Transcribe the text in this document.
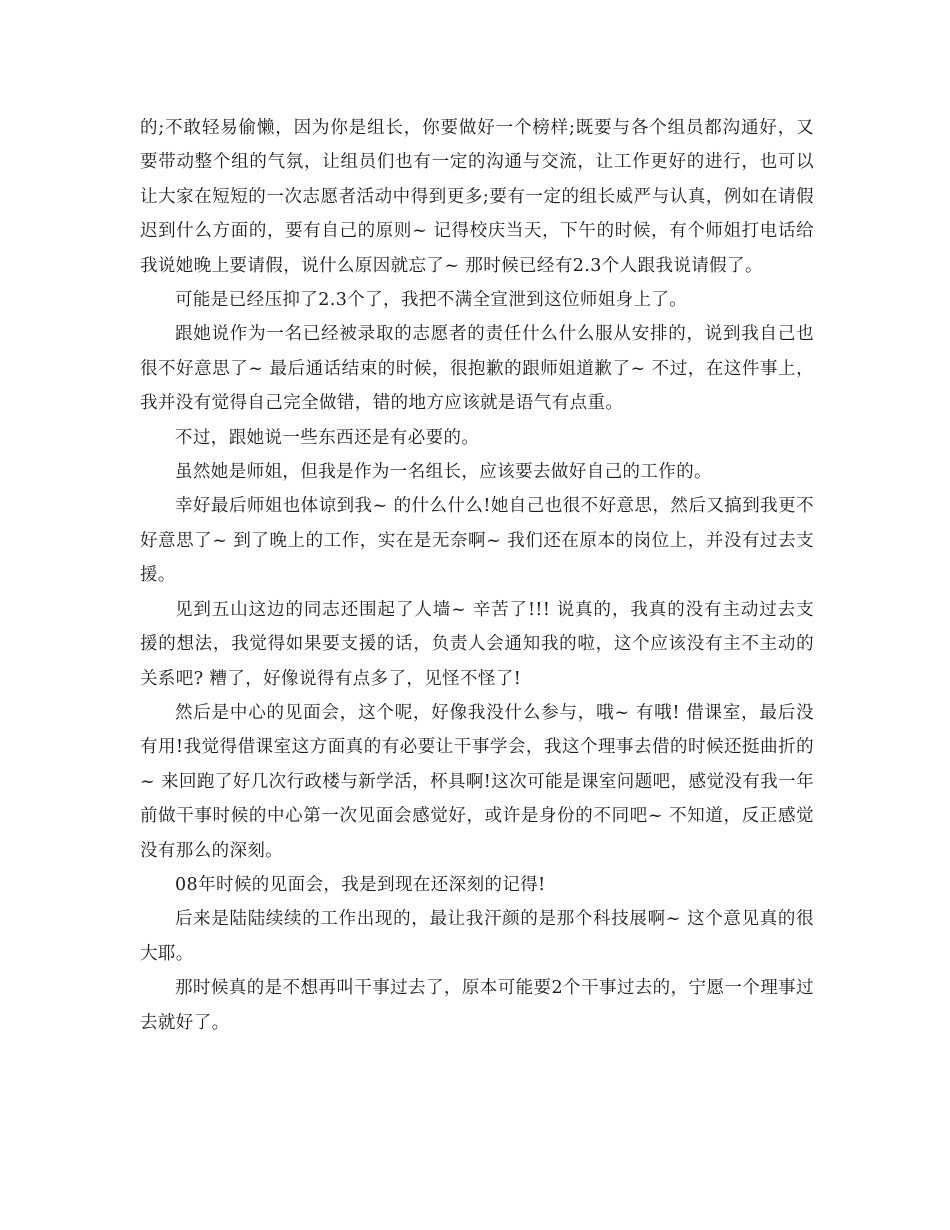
的;不敢轻易偷懒，因为你是组长，你要做好一个榜样;既要与各个组员都沟通好，又要带动整个组的气氛，让组员们也有一定的沟通与交流，让工作更好的进行，也可以让大家在短短的一次志愿者活动中得到更多;要有一定的组长威严与认真，例如在请假迟到什么方面的，要有自己的原则~ 记得校庆当天，下午的时候，有个师姐打电话给我说她晚上要请假，说什么原因就忘了~ 那时候已经有2.3个人跟我说请假了。

可能是已经压抑了2.3个了，我把不满全宣泄到这位师姐身上了。

跟她说作为一名已经被录取的志愿者的责任什么什么服从安排的，说到我自己也很不好意思了~ 最后通话结束的时候，很抱歉的跟师姐道歉了~ 不过，在这件事上，我并没有觉得自己完全做错，错的地方应该就是语气有点重。

不过，跟她说一些东西还是有必要的。

虽然她是师姐，但我是作为一名组长，应该要去做好自己的工作的。

幸好最后师姐也体谅到我~ 的什么什么!她自己也很不好意思，然后又搞到我更不好意思了~ 到了晚上的工作，实在是无奈啊~ 我们还在原本的岗位上，并没有过去支援。

见到五山这边的同志还围起了人墙~ 辛苦了!!! 说真的，我真的没有主动过去支援的想法，我觉得如果要支援的话，负责人会通知我的啦，这个应该没有主不主动的关系吧? 糟了，好像说得有点多了，见怪不怪了!

然后是中心的见面会，这个呢，好像我没什么参与，哦~ 有哦! 借课室，最后没有用!我觉得借课室这方面真的有必要让干事学会，我这个理事去借的时候还挺曲折的~ 来回跑了好几次行政楼与新学活，杯具啊!这次可能是课室问题吧，感觉没有我一年前做干事时候的中心第一次见面会感觉好，或许是身份的不同吧~ 不知道，反正感觉没有那么的深刻。

08年时候的见面会，我是到现在还深刻的记得!

后来是陆陆续续的工作出现的，最让我汗颜的是那个科技展啊~ 这个意见真的很大耶。

那时候真的是不想再叫干事过去了，原本可能要2个干事过去的，宁愿一个理事过去就好了。
